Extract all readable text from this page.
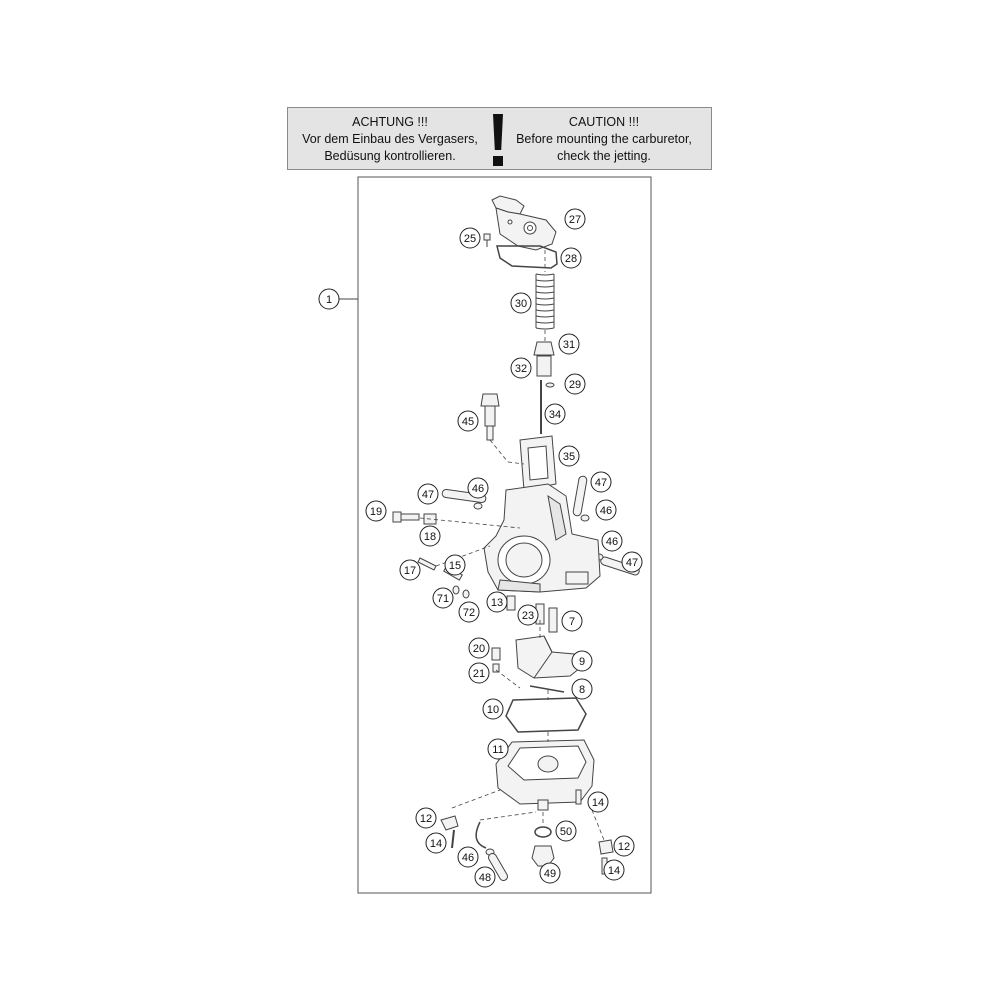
ACHTUNG !!!
Vor dem Einbau des Vergasers,
Bedüsung kontrollieren.
CAUTION !!!
Before mounting the carburetor,
check the jetting.
1
27
25
28
30
31
32
29
34
45
35
47
47	46
46
19
18	46
47
17	15
71	13
72	23	7
20
9
21
8
10
11
14
12
50
14	12
46
14
49
48
